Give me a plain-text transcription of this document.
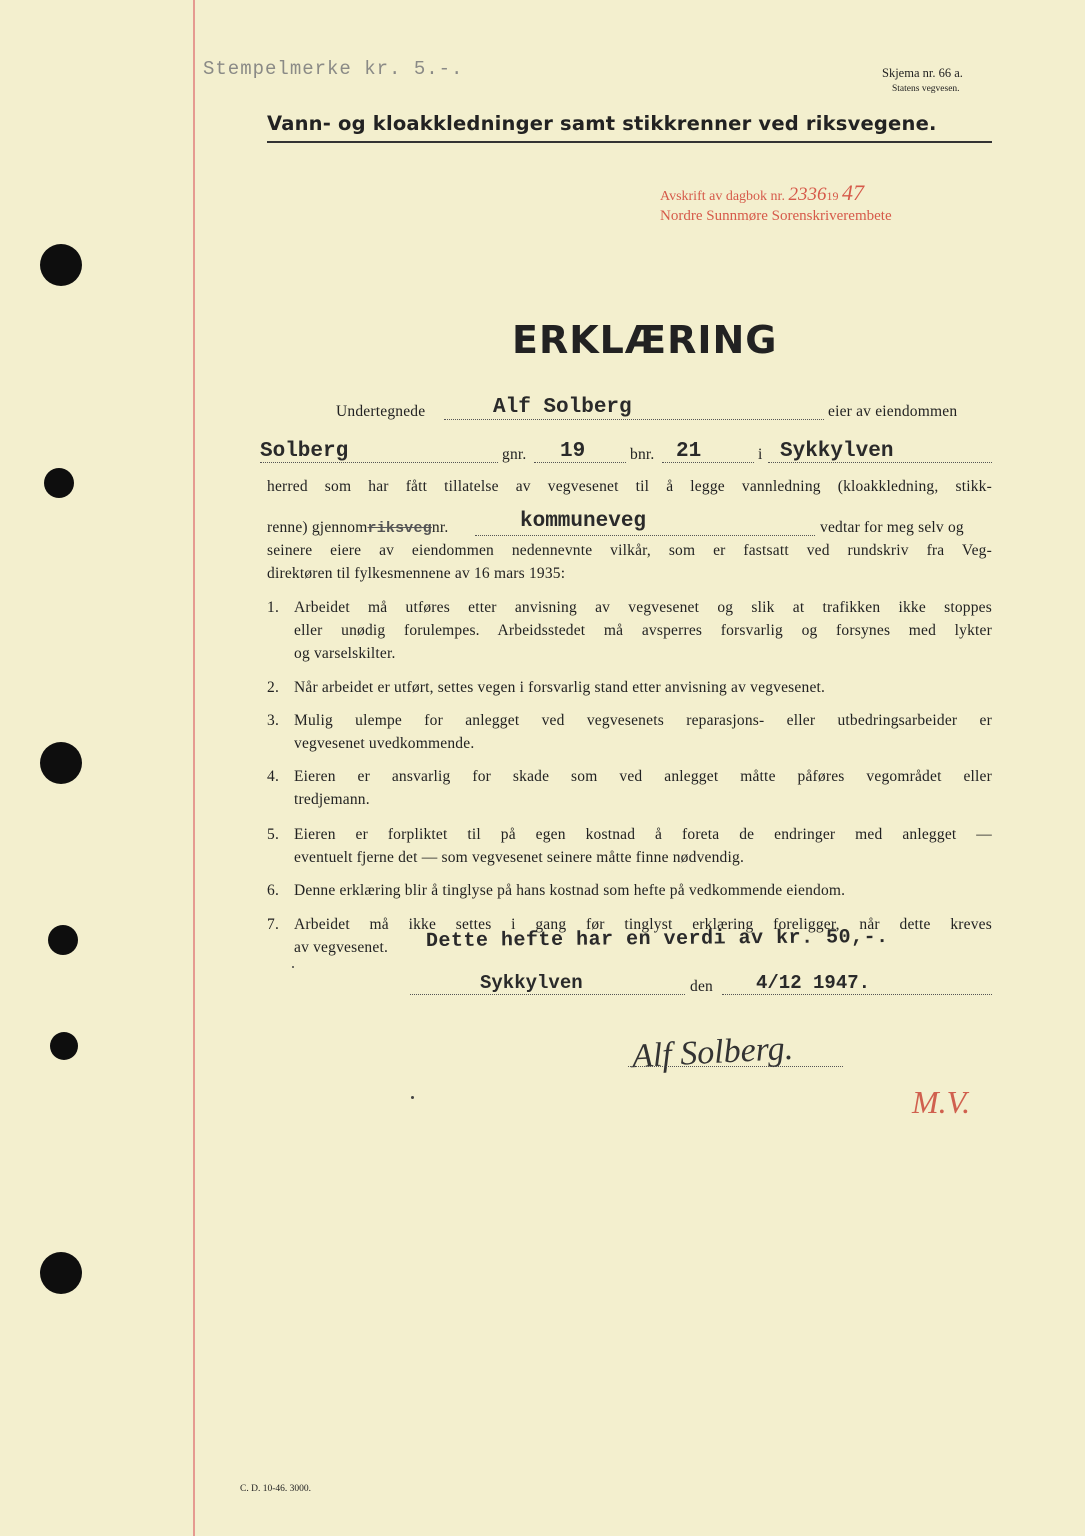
Stempelmerke kr. 5.-.	Skjema nr. 66 a.
Statens vegvesen.
Vann- og kloakkledninger samt stikkrenner ved riksvegene.
Avskrift av dagbok nr. 233619 47
Nordre Sunnmøre Sorenskriverembete
ERKLÆRING
Undertegnede	Alf Solberg	eier av eiendommen
Solberg	gnr. 19	bnr. 21	i Sykkylven
herred som har fått tillatelse av vegvesenet til å legge vannledning (kloakkledning, stikk-
renne) gjennomriksvegnr.	kommuneveg	vedtar for meg selv og
seinere eiere av eiendommen nedennevnte vilkår, som er fastsatt ved rundskriv fra Veg-
direktøren til fylkesmennene av 16 mars 1935:
1. Arbeidet må utføres etter anvisning av vegvesenet og slik at trafikken ikke stoppes
eller unødig forulempes. Arbeidsstedet må avsperres forsvarlig og forsynes med lykter
og varselskilter.
2. Når arbeidet er utført, settes vegen i forsvarlig stand etter anvisning av vegvesenet.
3. Mulig ulempe for anlegget ved vegvesenets reparasjons- eller utbedringsarbeider er
vegvesenet uvedkommende.
4. Eieren er ansvarlig for skade som ved anlegget måtte påføres vegområdet eller
tredjemann.
5. Eieren er forpliktet til på egen kostnad å foreta de endringer med anlegget —
eventuelt fjerne det — som vegvesenet seinere måtte finne nødvendig.
6. Denne erklæring blir å tinglyse på hans kostnad som hefte på vedkommende eiendom.
7. Arbeidet må ikke settes i gang før tinglyst erklæring foreligger, når dette kreves
av vegvesenet.	Dette hefte har en verdi av kr. 50,-.
Sykkylven	den 4/12 1947.
Alf Solberg.
M.V.
C. D. 10-46. 3000.
